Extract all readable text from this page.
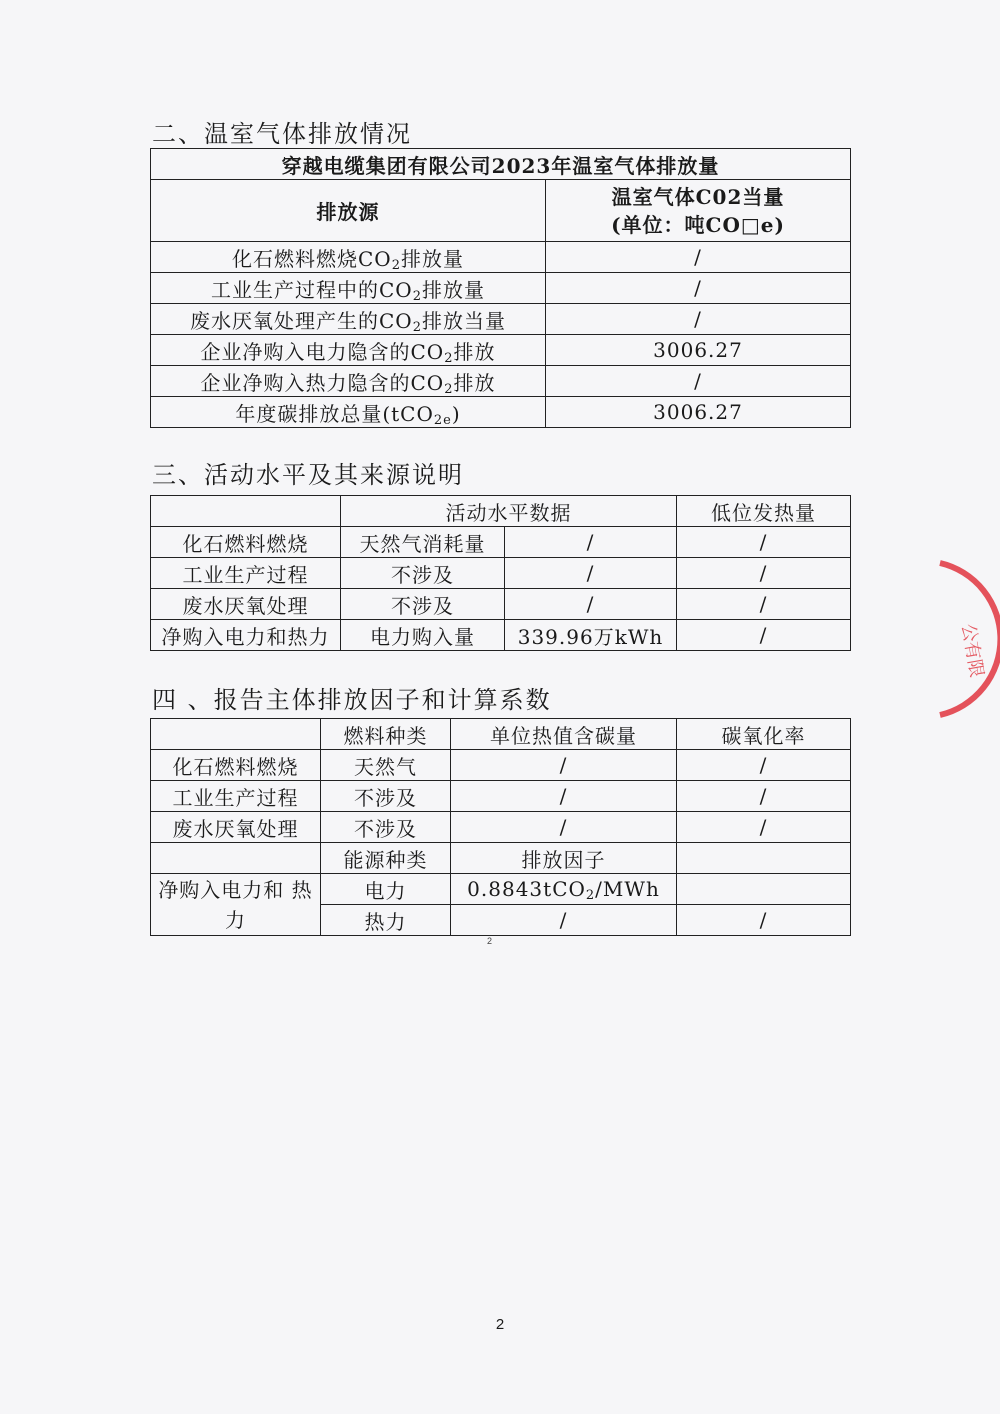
二、温室气体排放情况
穿越电缆集团有限公司2023年温室气体排放量	
排放源	温室气体C02当量
(单位：吨CO□e)

化石燃料燃烧$CO_2$排放量	/
工业生产过程中的$CO_2$排放量	/
废水厌氧处理产生的$CO_2$排放当量	/
企业净购入电力隐含的$CO_2$排放	3006.27
企业净购入热力隐含的$CO_2$排放	/
年度碳排放总量(tCO$_{2e}$)	3006.27
三、活动水平及其来源说明
	活动水平数据		低位发热量
化石燃料燃烧	天然气消耗量	/	/
工业生产过程	不涉及	/	/
废水厌氧处理	不涉及	/	/
净购入电力和热力	电力购入量	339.96万kWh	/
四 、报告主体排放因子和计算系数
	燃料种类	单位热值含碳量	碳氧化率
化石燃料燃烧	天然气	/	/
工业生产过程	不涉及	/	/
废水厌氧处理	不涉及	/	/
	能源种类	排放因子	
净购入电力和 热力	电力	0.8843tCO$_2$/MWh	
	热力	/	/
2
公有限
2
